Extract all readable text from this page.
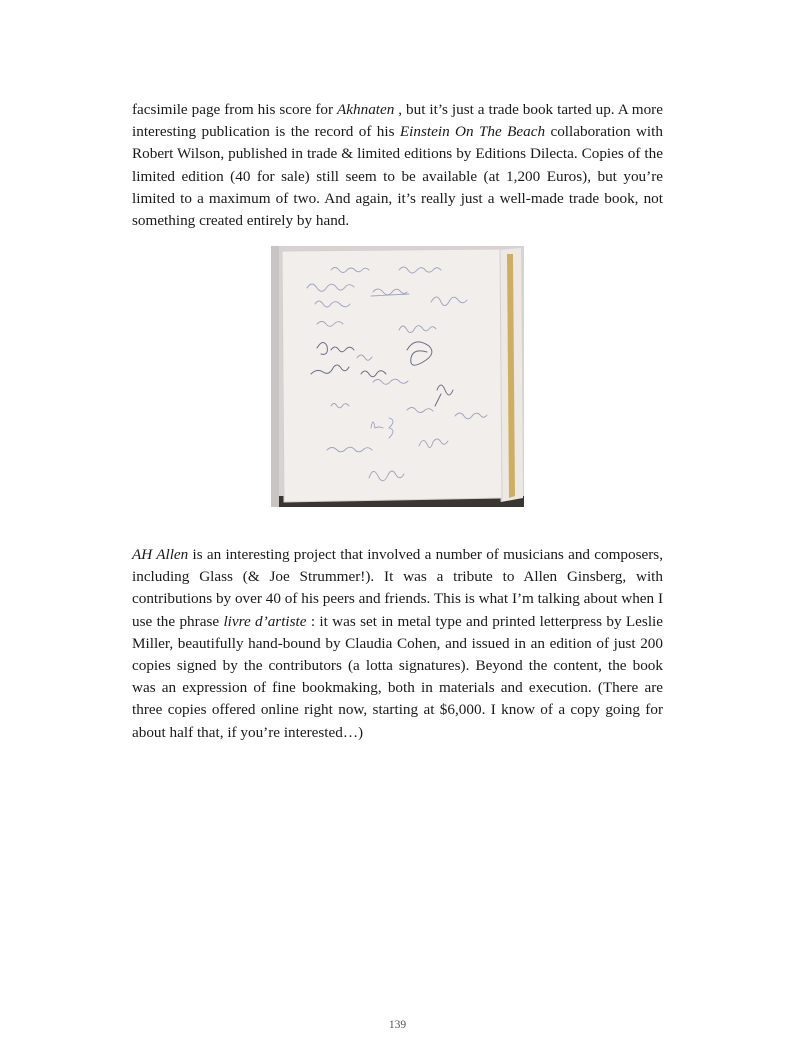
facsimile page from his score for Akhnaten , but it’s just a trade book tarted up. A more interesting publication is the record of his Einstein On The Beach collaboration with Robert Wilson, published in trade & limited editions by Editions Dilecta. Copies of the limited edition (40 for sale) still seem to be available (at 1,200 Euros), but you’re limited to a maximum of two. And again, it’s really just a well-made trade book, not something created entirely by hand.

AH Allen is an interesting project that involved a number of musicians and composers, including Glass (& Joe Strummer!). It was a tribute to Allen Ginsberg, with contributions by over 40 of his peers and friends. This is what I’m talking about when I use the phrase livre d’artiste : it was set in metal type and printed letterpress by Leslie Miller, beautifully hand-bound by Claudia Cohen, and issued in an edition of just 200 copies signed by the contributors (a lotta signatures). Beyond the content, the book was an expression of fine bookmaking, both in materials and execution. (There are three copies offered online right now, starting at $6,000. I know of a copy going for about half that, if you’re interested…)

139
